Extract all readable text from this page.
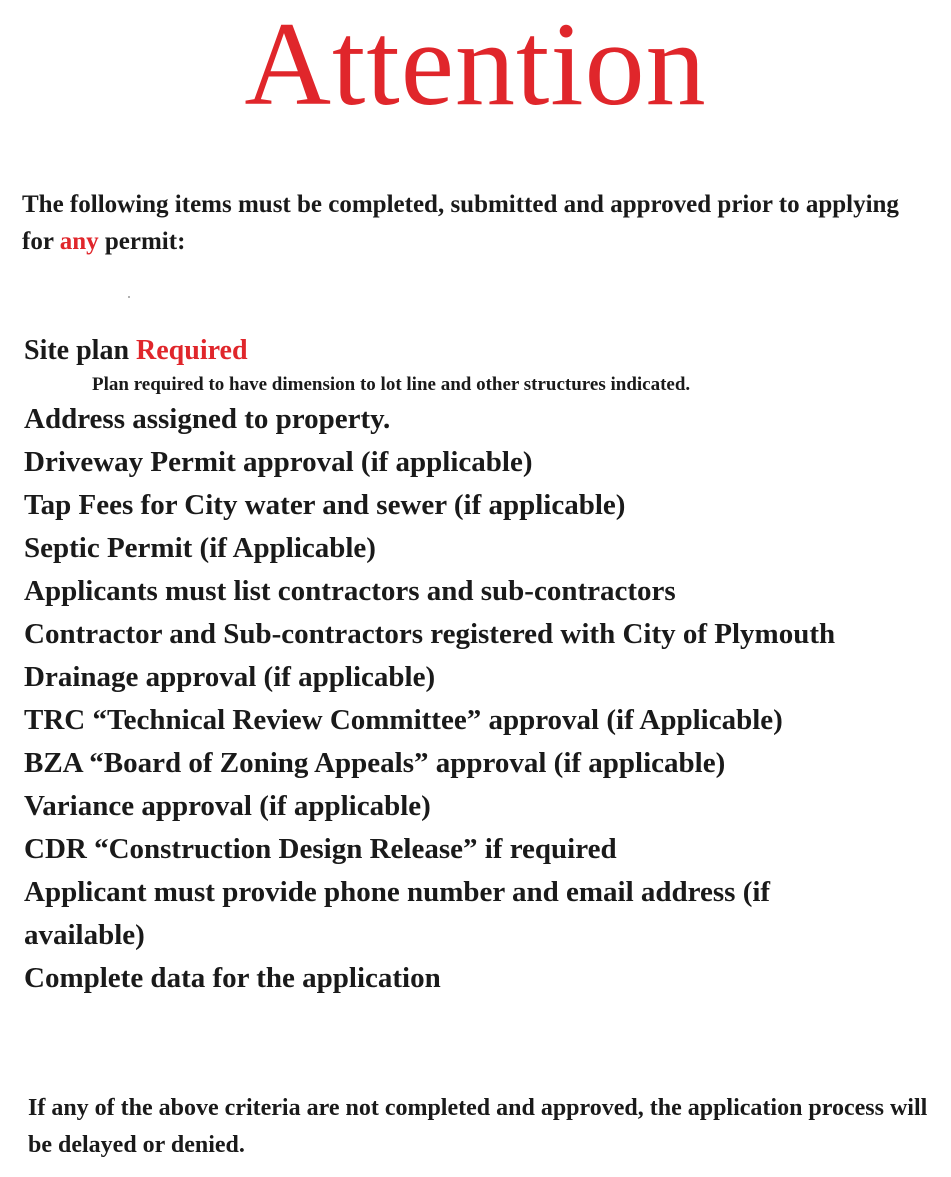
Attention
The following items must be completed, submitted and approved prior to applying for any permit:
Site plan Required
Plan required to have dimension to lot line and other structures indicated.
Address assigned to property.
Driveway Permit approval (if applicable)
Tap Fees for City water and sewer (if applicable)
Septic Permit (if Applicable)
Applicants must list contractors and sub-contractors
Contractor and Sub-contractors registered with City of Plymouth
Drainage approval (if applicable)
TRC “Technical Review Committee” approval (if Applicable)
BZA “Board of Zoning Appeals” approval (if applicable)
Variance approval (if applicable)
CDR “Construction Design Release” if required
Applicant must provide phone number and email address (if available)
Complete data for the application
If any of the above criteria are not completed and approved, the application process will be delayed or denied.
